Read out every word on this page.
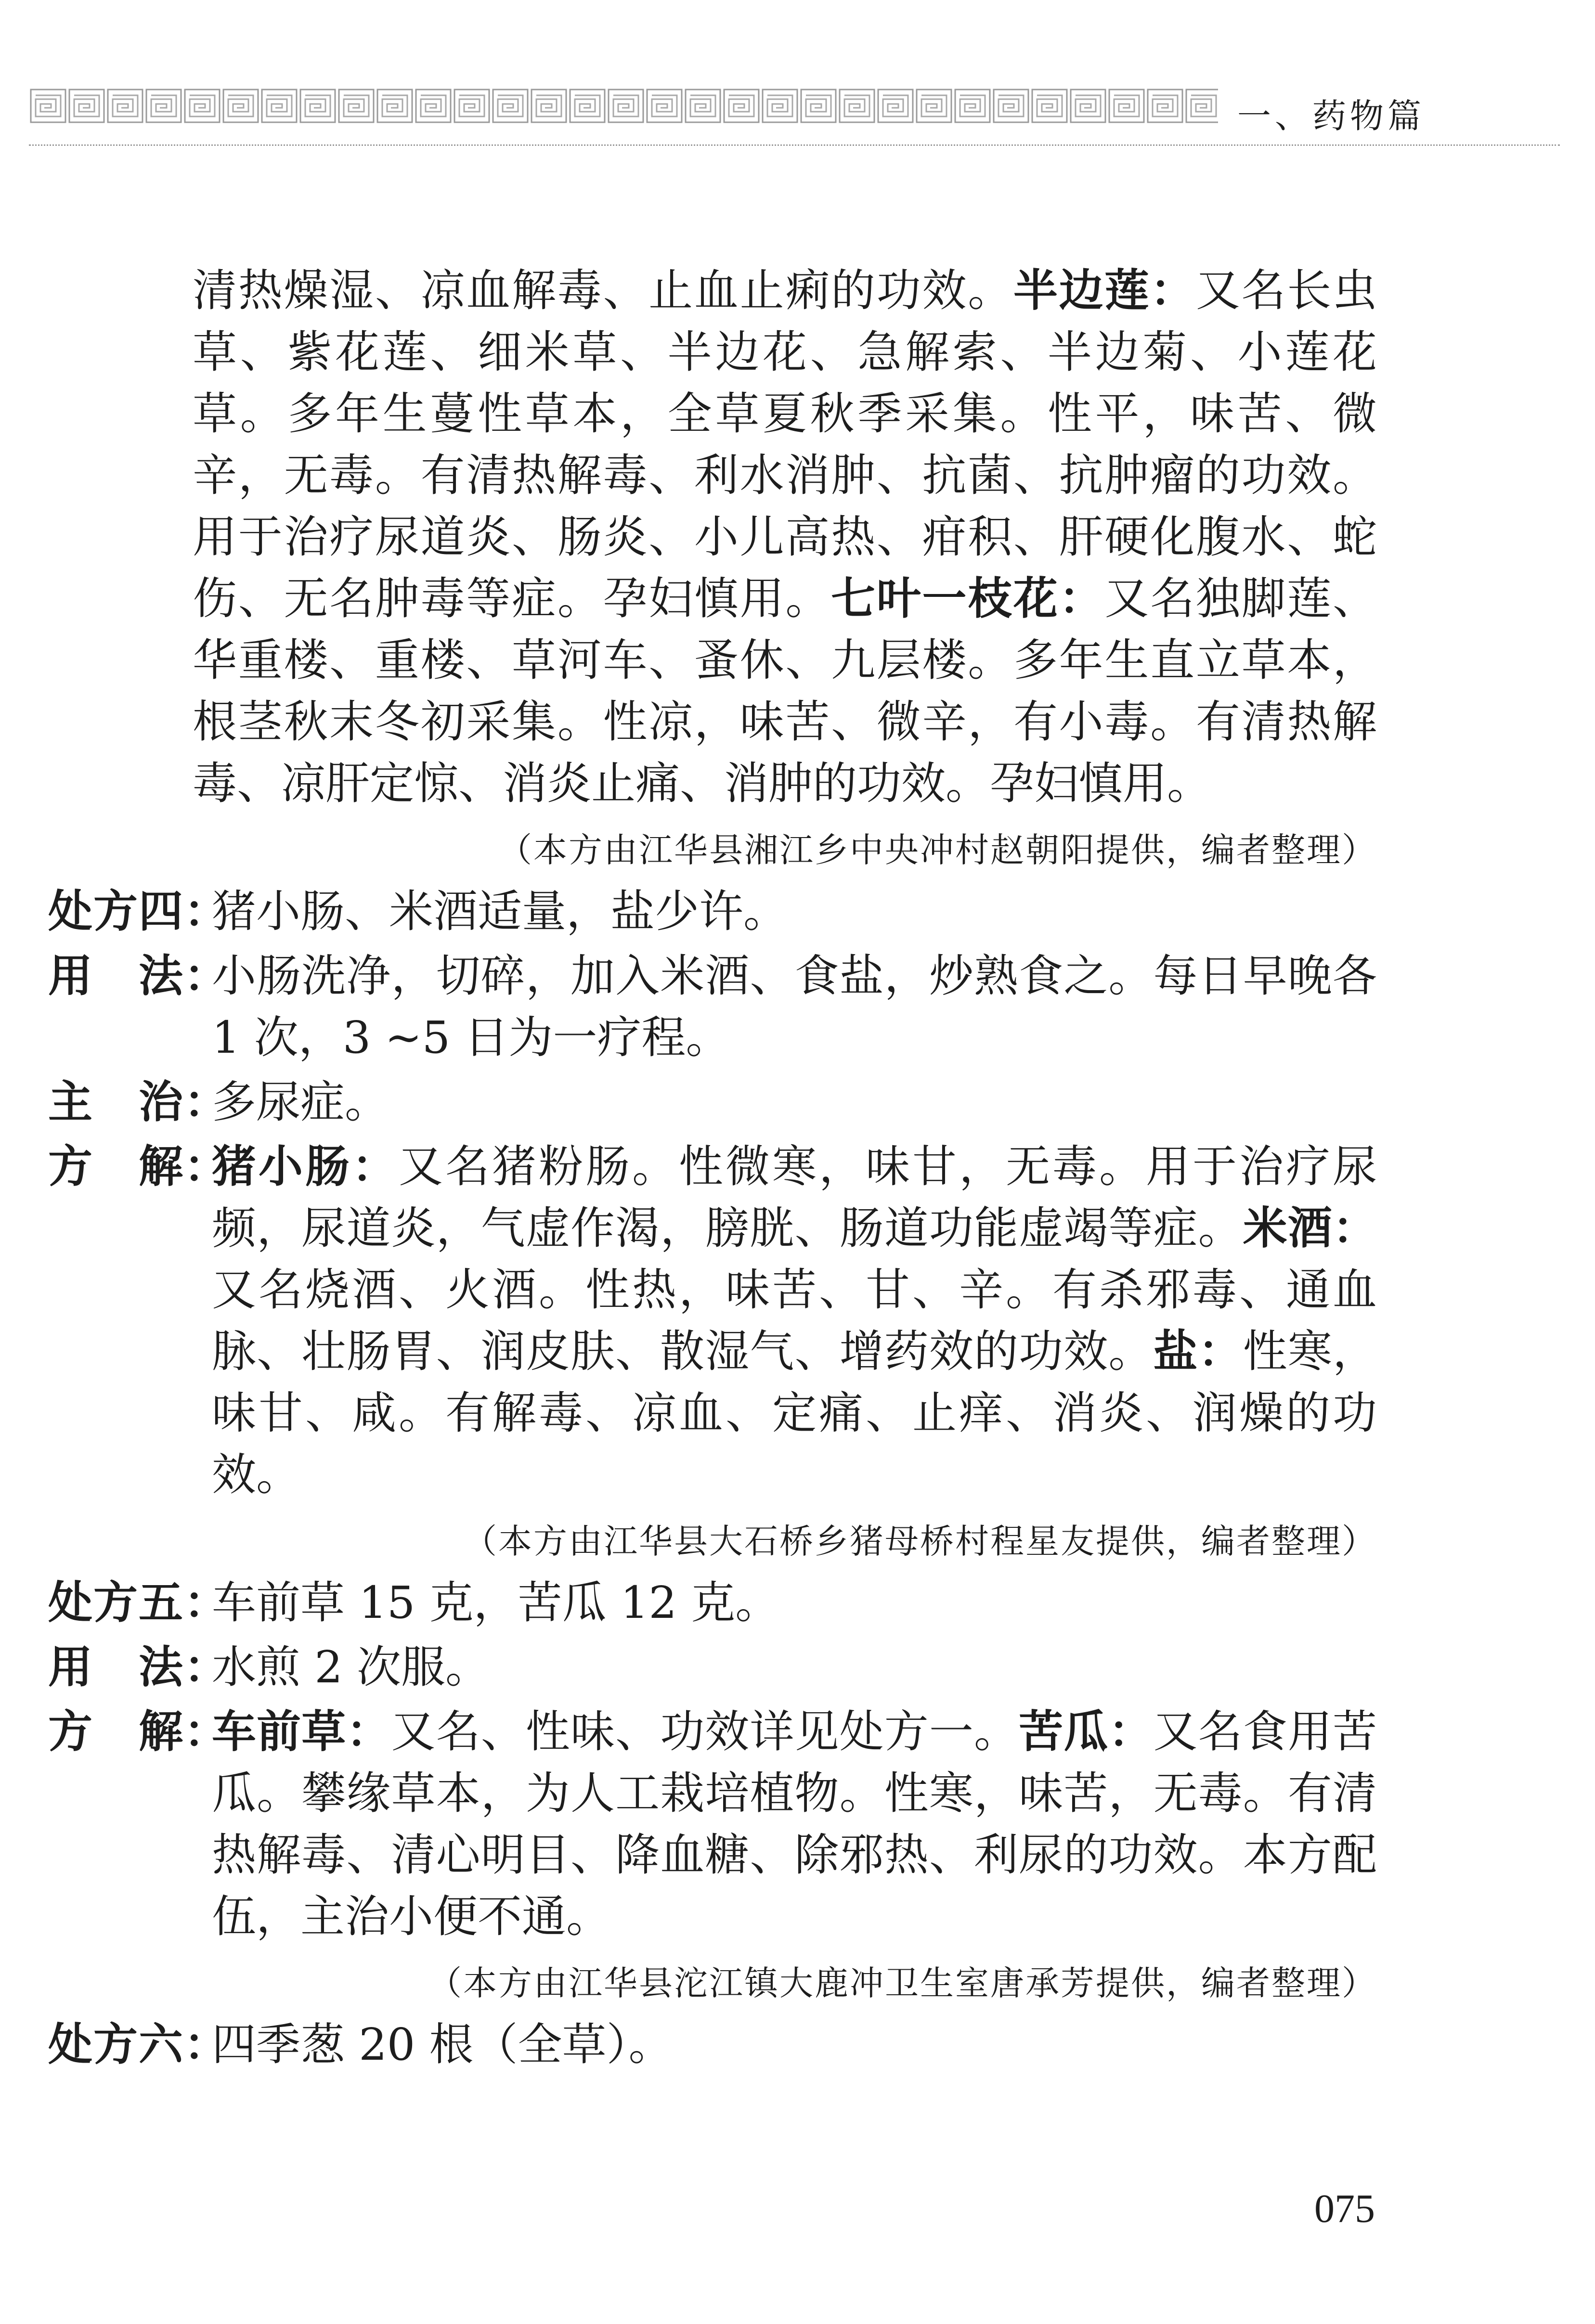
一、药物篇

清热燥湿、凉血解毒、止血止痢的功效。半边莲：又名长虫草、紫花莲、细米草、半边花、急解索、半边菊、小莲花草。多年生蔓性草本，全草夏秋季采集。性平，味苦、微辛，无毒。有清热解毒、利水消肿、抗菌、抗肿瘤的功效。用于治疗尿道炎、肠炎、小儿高热、疳积、肝硬化腹水、蛇伤、无名肿毒等症。孕妇慎用。七叶一枝花：又名独脚莲、华重楼、重楼、草河车、蚤休、九层楼。多年生直立草本，根茎秋末冬初采集。性凉，味苦、微辛，有小毒。有清热解毒、凉肝定惊、消炎止痛、消肿的功效。孕妇慎用。

（本方由江华县湘江乡中央冲村赵朝阳提供，编者整理）

处方四：
猪小肠、米酒适量，盐少许。
用　法：
小肠洗净，切碎，加入米酒、食盐，炒熟食之。每日早晚各 1 次，3 ~5 日为一疗程。
主　治：
多尿症。
方　解：
猪小肠：又名猪粉肠。性微寒，味甘，无毒。用于治疗尿频，尿道炎，气虚作渴，膀胱、肠道功能虚竭等症。米酒：又名烧酒、火酒。性热，味苦、甘、辛。有杀邪毒、通血脉、壮肠胃、润皮肤、散湿气、增药效的功效。盐：性寒，味甘、咸。有解毒、凉血、定痛、止痒、消炎、润燥的功效。

（本方由江华县大石桥乡猪母桥村程星友提供，编者整理）

处方五：
车前草 15 克，苦瓜 12 克。
用　法：
水煎 2 次服。
方　解：
车前草：又名、性味、功效详见处方一。苦瓜：又名食用苦瓜。攀缘草本，为人工栽培植物。性寒，味苦，无毒。有清热解毒、清心明目、降血糖、除邪热、利尿的功效。本方配伍，主治小便不通。

（本方由江华县沱江镇大鹿冲卫生室唐承芳提供，编者整理）

处方六：
四季葱 20 根（全草）。
075
